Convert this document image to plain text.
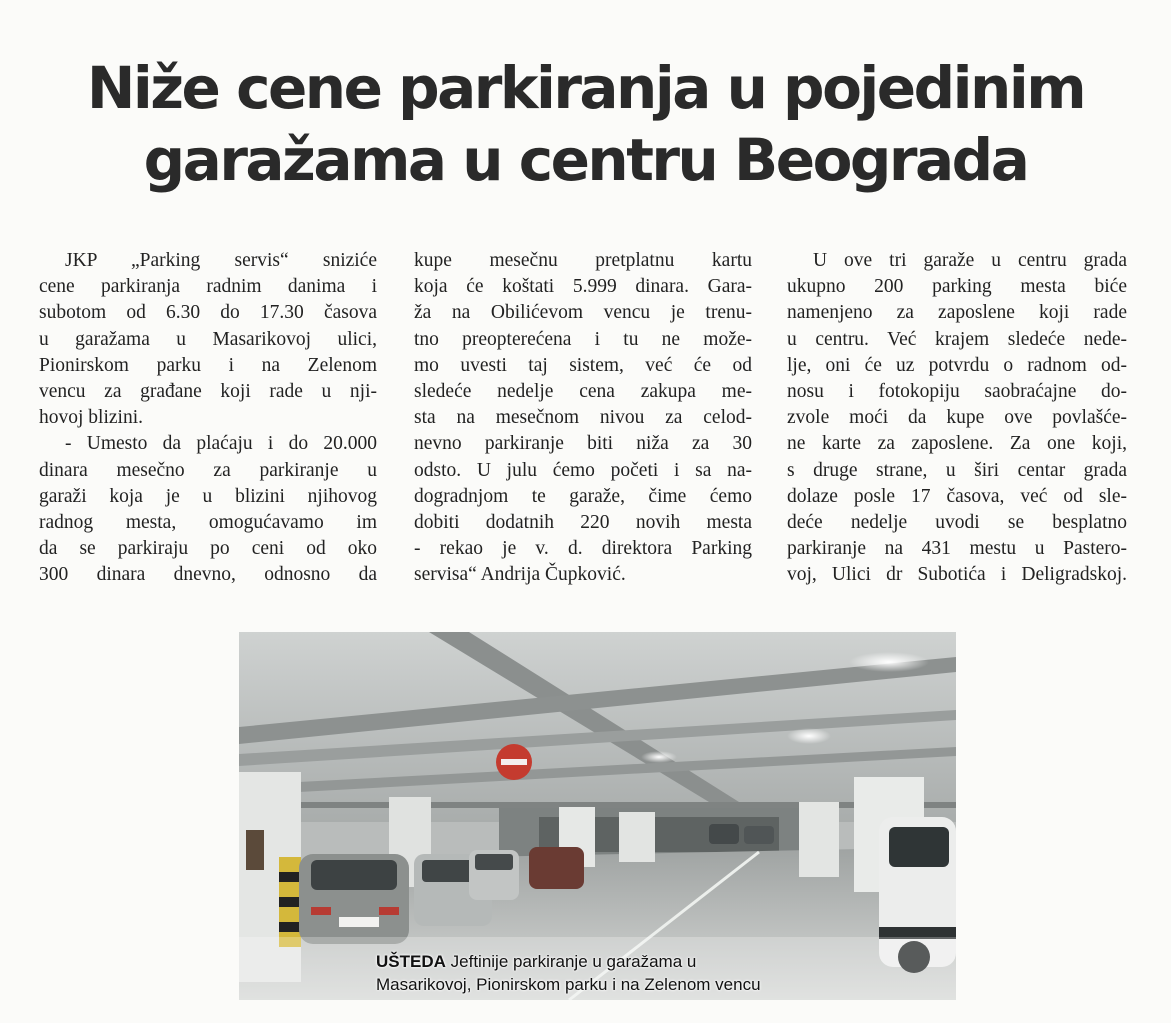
Niže cene parkiranja u pojedinim
garažama u centru Beograda
JKP „Parking servis“ sniziće
cene parkiranja radnim danima i
subotom od 6.30 do 17.30 časova
u garažama u Masarikovoj ulici,
Pionirskom parku i na Zelenom
vencu za građane koji rade u nji-
hovoj blizini.
- Umesto da plaćaju i do 20.000
dinara mesečno za parkiranje u
garaži koja je u blizini njihovog
radnog mesta, omogućavamo im
da se parkiraju po ceni od oko
300 dinara dnevno, odnosno da
kupe mesečnu pretplatnu kartu
koja će koštati 5.999 dinara. Gara-
ža na Obilićevom vencu je trenu-
tno preopterećena i tu ne može-
mo uvesti taj sistem, već će od
sledeće nedelje cena zakupa me-
sta na mesečnom nivou za celod-
nevno parkiranje biti niža za 30
odsto. U julu ćemo početi i sa na-
dogradnjom te garaže, čime ćemo
dobiti dodatnih 220 novih mesta
- rekao je v. d. direktora Parking
servisa“ Andrija Čupković.
U ove tri garaže u centru grada
ukupno 200 parking mesta biće
namenjeno za zaposlene koji rade
u centru. Već krajem sledeće nede-
lje, oni će uz potvrdu o radnom od-
nosu i fotokopiju saobraćajne do-
zvole moći da kupe ove povlašće-
ne karte za zaposlene. Za one koji,
s druge strane, u širi centar grada
dolaze posle 17 časova, već od sle-
deće nedelje uvodi se besplatno
parkiranje na 431 mestu u Pastero-
voj, Ulici dr Subotića i Deligradskoj.
UŠTEDA Jeftinije parkiranje u garažama u
Masarikovoj, Pionirskom parku i na Zelenom vencu
